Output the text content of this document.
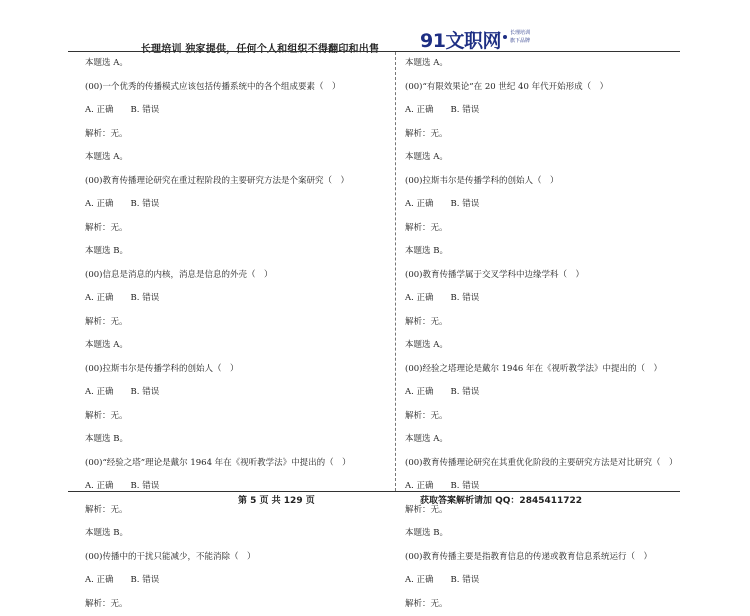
长理培训 独家提供，任何个人和组织不得翻印和出售	91文职网 长理培训
旗下品牌
本题选 A。
(00)一个优秀的传播模式应该包括传播系统中的各个组成要素（　）
A. 正确　　B. 错误
解析：无。
本题选 A。
(00)教育传播理论研究在重过程阶段的主要研究方法是个案研究（　）
A. 正确　　B. 错误
解析：无。
本题选 B。
(00)信息是消息的内核，消息是信息的外壳（　）
A. 正确　　B. 错误
解析：无。
本题选 A。
(00)拉斯韦尔是传播学科的创始人（　）
A. 正确　　B. 错误
解析：无。
本题选 B。
(00)“经验之塔”理论是戴尔 1964 年在《视听教学法》中提出的（　）
A. 正确　　B. 错误
解析：无。
本题选 B。
(00)传播中的干扰只能减少，不能消除（　）
A. 正确　　B. 错误
解析：无。
本题选 A。
(00)“有限效果论”在 20 世纪 40 年代开始形成（　）
A. 正确　　B. 错误
解析：无。
本题选 A。
(00)拉斯韦尔是传播学科的创始人（　）
A. 正确　　B. 错误
解析：无。
本题选 B。
(00)教育传播学属于交叉学科中边缘学科（　）
A. 正确　　B. 错误
解析：无。
本题选 A。
(00)经验之塔理论是戴尔 1946 年在《视听教学法》中提出的（　）
A. 正确　　B. 错误
解析：无。
本题选 A。
(00)教育传播理论研究在其重优化阶段的主要研究方法是对比研究（　）
A. 正确　　B. 错误
解析：无。
本题选 B。
(00)教育传播主要是指教育信息的传递或教育信息系统运行（　）
A. 正确　　B. 错误
解析：无。
第 5 页 共 129 页	获取答案解析请加 QQ：2845411722
